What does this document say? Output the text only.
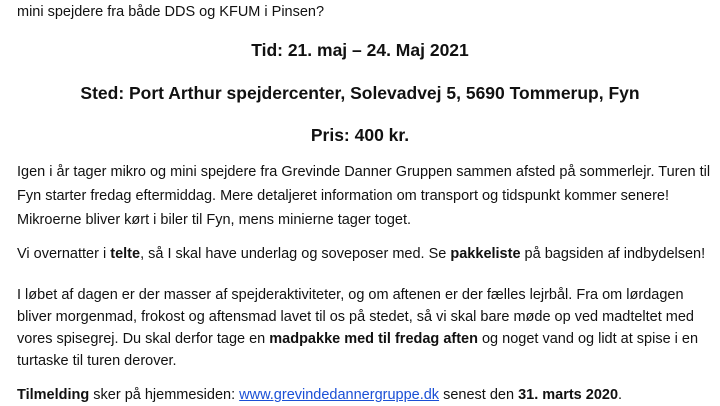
mini spejdere fra både DDS og KFUM i Pinsen?
Tid: 21. maj – 24. Maj 2021
Sted: Port Arthur spejdercenter, Solevadvej 5, 5690 Tommerup, Fyn
Pris: 400 kr.
Igen i år tager mikro og mini spejdere fra Grevinde Danner Gruppen sammen afsted på sommerlejr. Turen til
Fyn starter fredag eftermiddag. Mere detaljeret information om transport og tidspunkt kommer senere!
Mikroerne bliver kørt i biler til Fyn, mens minierne tager toget.
Vi overnatter i telte, så I skal have underlag og soveposer med. Se pakkeliste på bagsiden af indbydelsen!
I løbet af dagen er der masser af spejderaktiviteter, og om aftenen er der fælles lejrbål. Fra om lørdagen
bliver morgenmad, frokost og aftensmad lavet til os på stedet, så vi skal bare møde op ved madteltet med
vores spisegrej. Du skal derfor tage en madpakke med til fredag aften og noget vand og lidt at spise i en
turtaske til turen derover.
Tilmelding sker på hjemmesiden: www.grevindedannergruppe.dk senest den 31. marts 2020.
